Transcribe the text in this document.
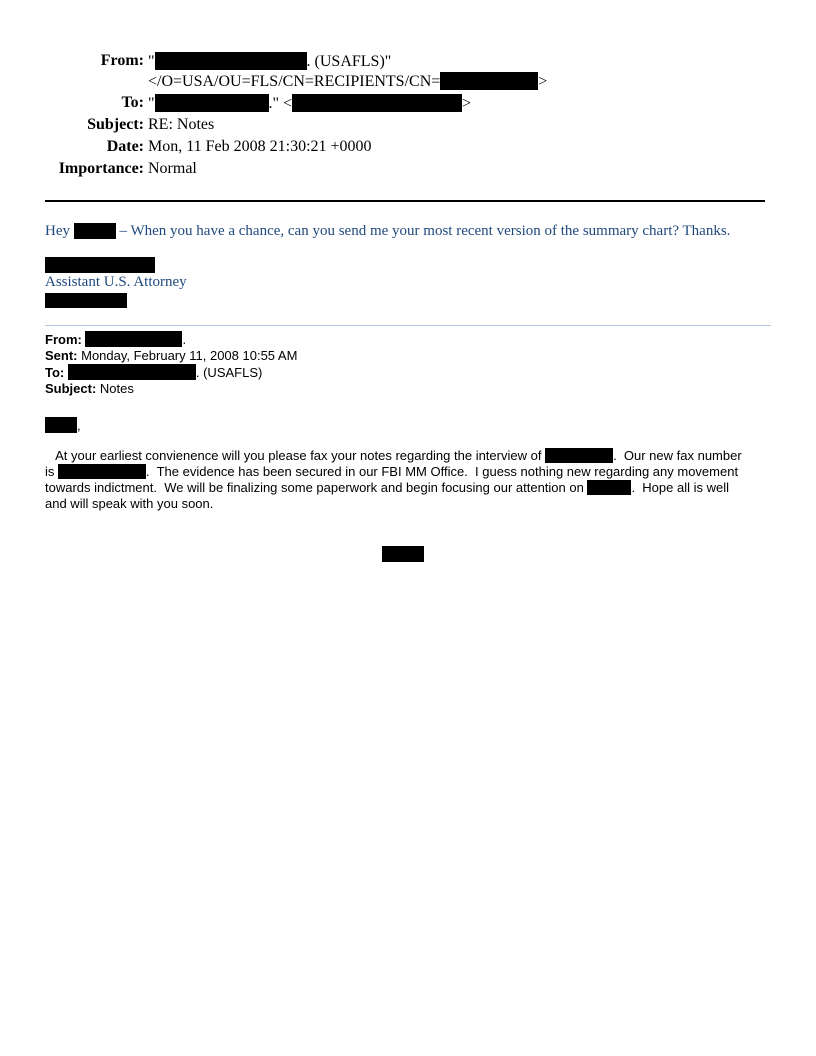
From: "	. (USAFLS)"
</O=USA/OU=FLS/CN=RECIPIENTS/CN=	>
To: "	." <	>
Subject: RE: Notes
Date: Mon, 11 Feb 2008 21:30:21 +0000
Importance: Normal
Hey	– When you have a chance, can you send me your most recent version of the summary chart? Thanks.
Assistant U.S. Attorney
From:	.
Sent: Monday, February 11, 2008 10:55 AM
To:	. (USAFLS)
Subject: Notes
,
At your earliest convienence will you please fax your notes regarding the interview of	.  Our new fax number
is	.  The evidence has been secured in our FBI MM Office.  I guess nothing new regarding any movement
towards indictment.  We will be finalizing some paperwork and begin focusing our attention on	.  Hope all is well
and will speak with you soon.
